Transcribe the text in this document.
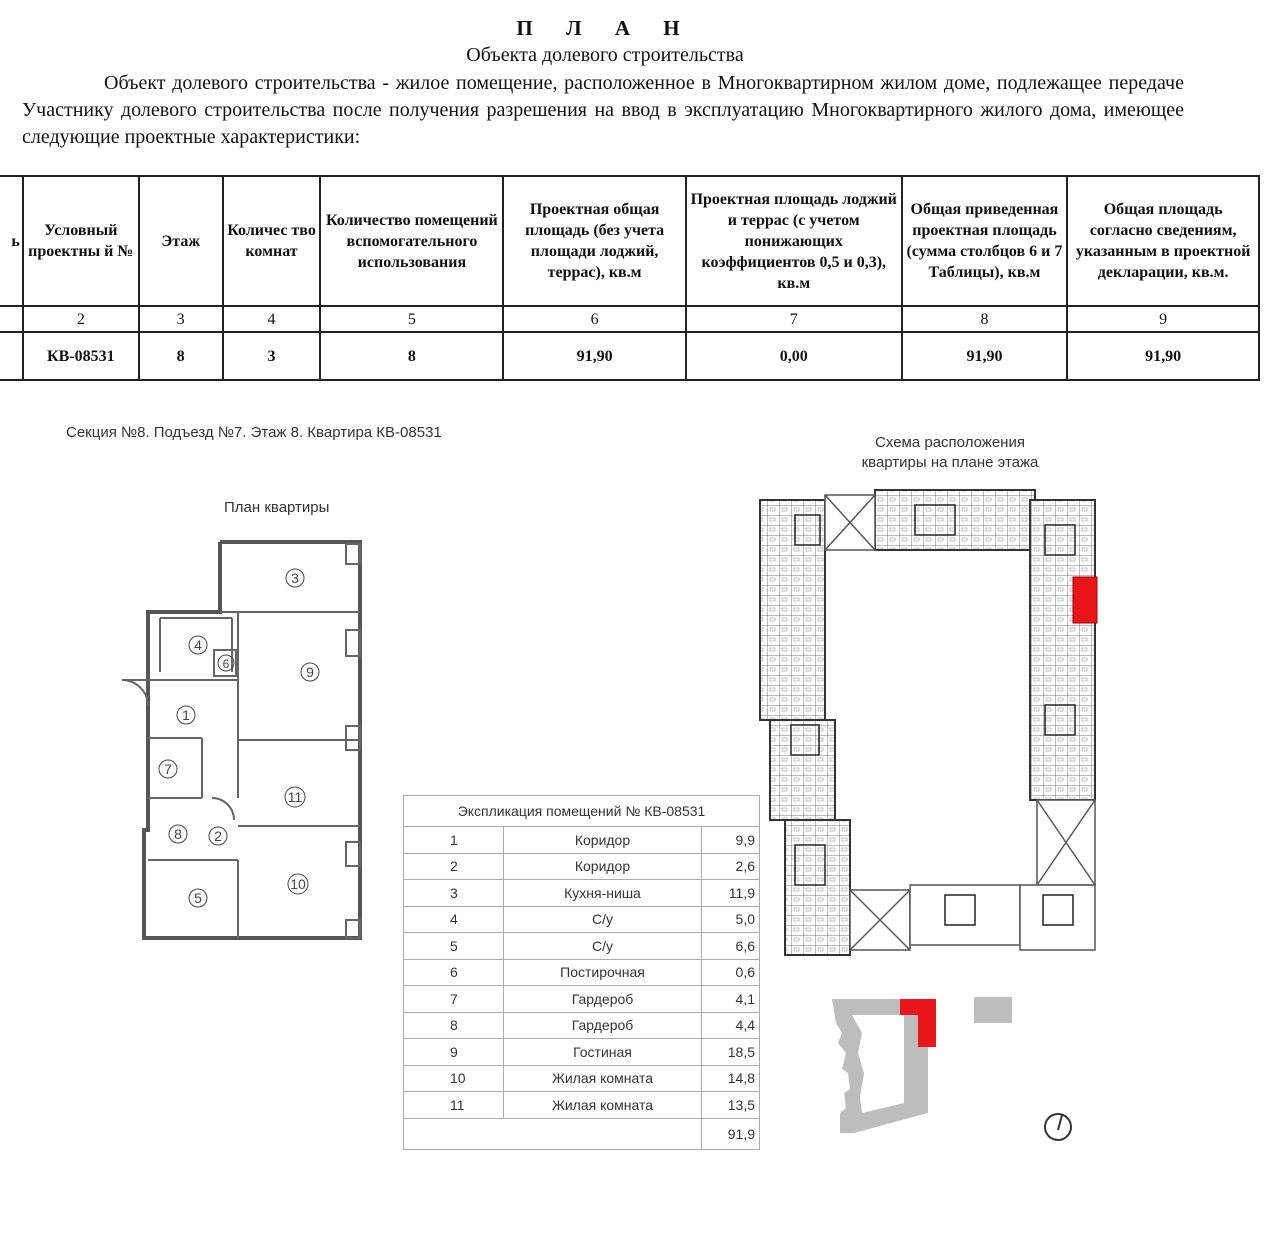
П Л А Н
Объекта долевого строительства
Объект долевого строительства - жилое помещение, расположенное в Многоквартирном жилом доме, подлежащее передаче Участнику долевого строительства после получения разрешения на ввод в эксплуатацию Многоквартирного жилого дома, имеющее следующие проектные характеристики:
ь	Условный проектны й №	Этаж	Количес тво комнат	Количество помещений вспомогательного использования	Проектная общая площадь (без учета площади лоджий, террас), кв.м	Проектная площадь лоджий и террас (с учетом понижающих коэффициентов 0,5 и 0,3), кв.м	Общая приведенная проектная площадь (сумма столбцов 6 и 7 Таблицы), кв.м	Общая площадь согласно сведениям, указанным в проектной декларации, кв.м.
	2	3	4	5	6	7	8	9
	КВ-08531	8	3	8	91,90	0,00	91,90	91,90
Секция №8. Подъезд №7. Этаж 8. Квартира КВ-08531
План квартиры
Схема расположения
квартиры на плане этажа
3
4
6	9
1
7
11
8 2
10
5
Экспликация помещений № КВ-08531		
1	Коридор	9,9
2	Коридор	2,6
3	Кухня-ниша	11,9
4	С/у	5,0
5	С/у	6,6
6	Постирочная	0,6
7	Гардероб	4,1
8	Гардероб	4,4
9	Гостиная	18,5
10	Жилая комната	14,8
11	Жилая комната	13,5
		91,9
